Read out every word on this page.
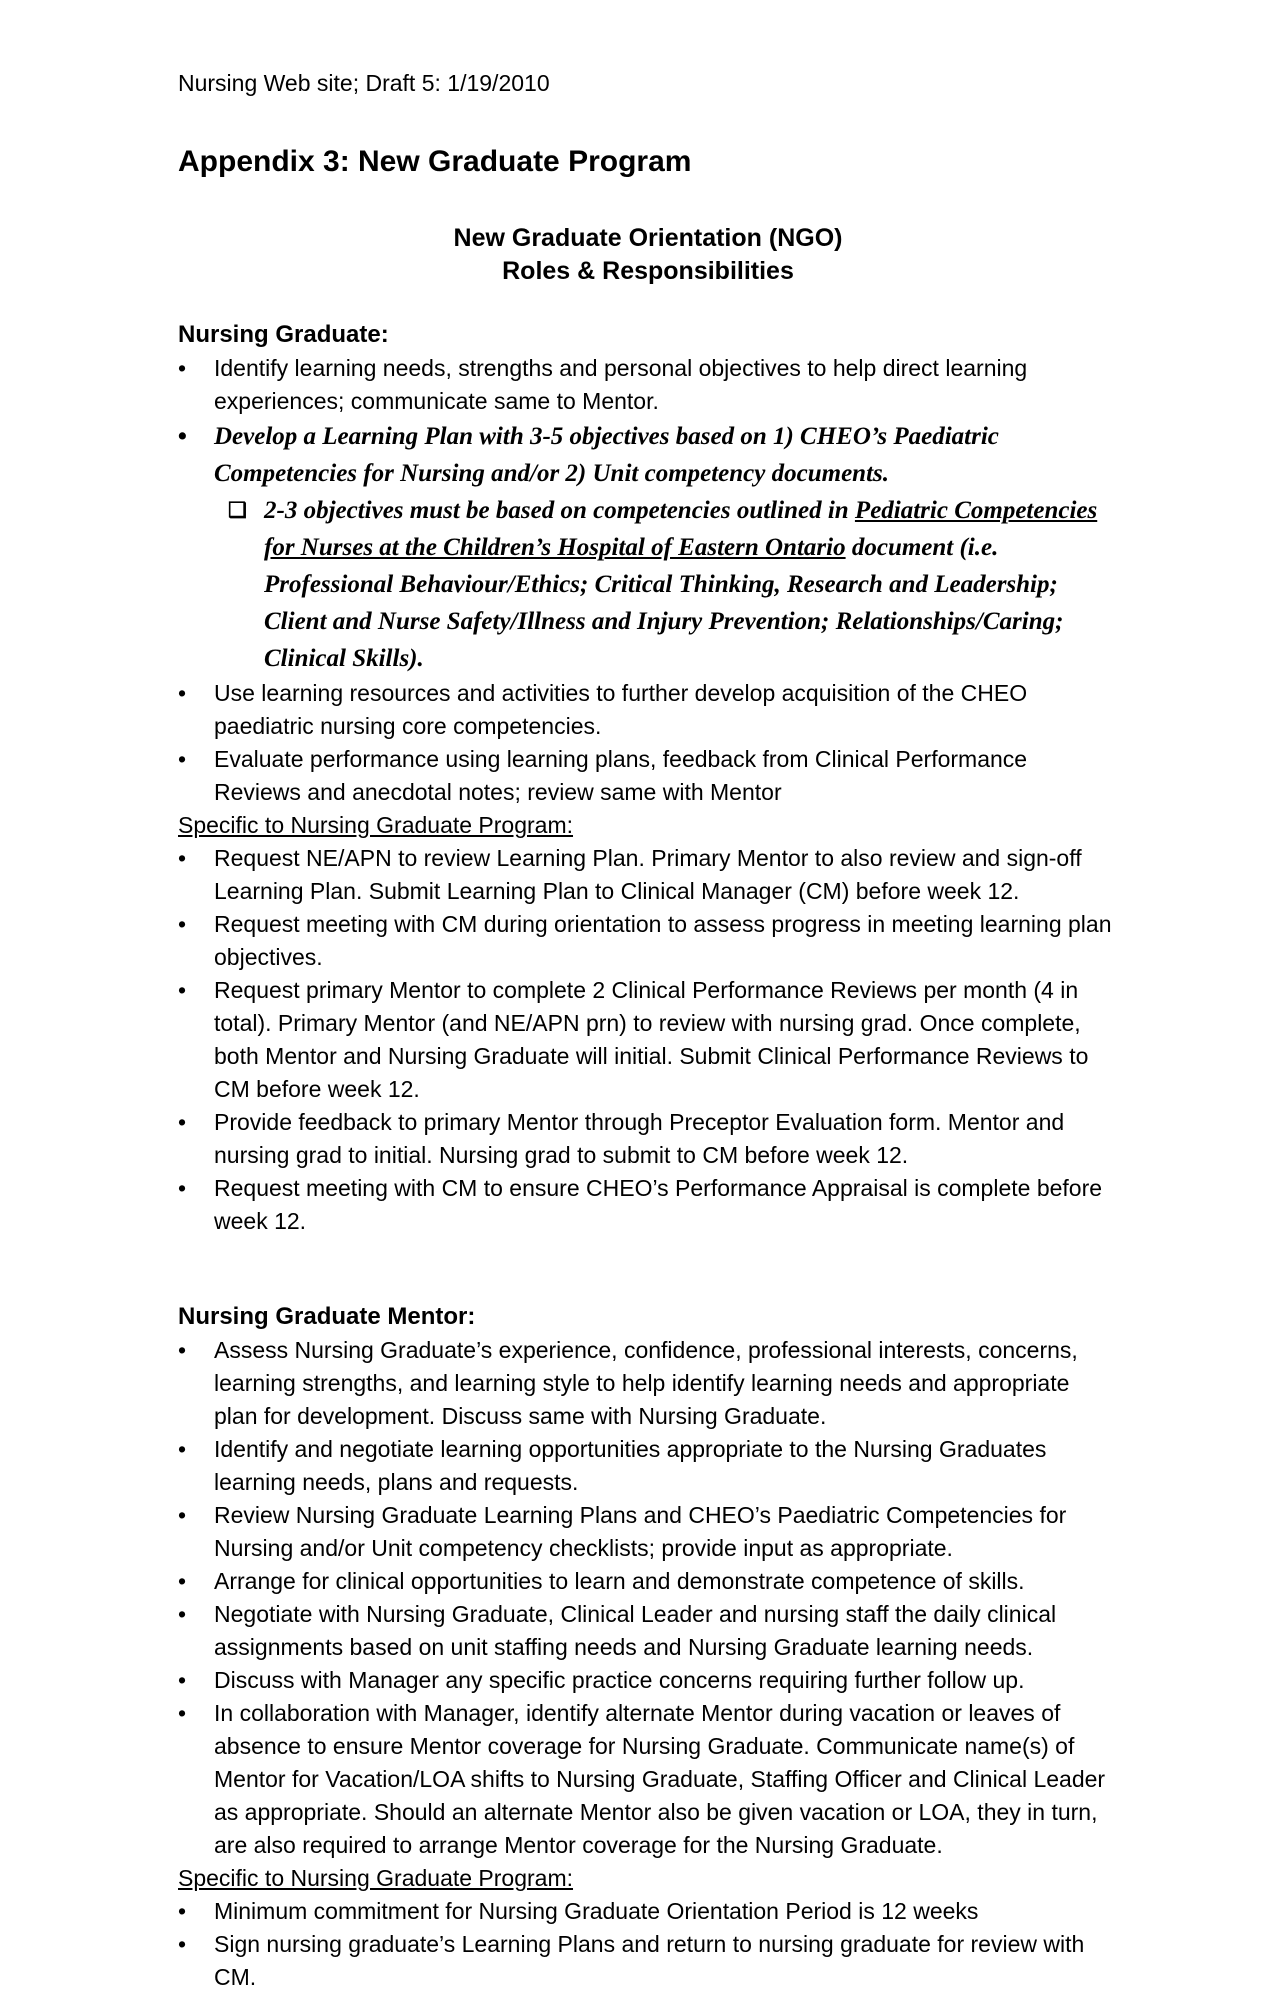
Nursing Web site; Draft 5: 1/19/2010
Appendix 3: New Graduate Program
New Graduate Orientation (NGO)
Roles & Responsibilities
Nursing Graduate:
•
Identify learning needs, strengths and personal objectives to help direct learning experiences; communicate same to Mentor.
•
Develop a Learning Plan with 3-5 objectives based on 1) CHEO’s Paediatric Competencies for Nursing and/or 2) Unit competency documents.
❑
2-3 objectives must be based on competencies outlined in Pediatric Competencies for Nurses at the Children’s Hospital of Eastern Ontario document (i.e. Professional Behaviour/Ethics; Critical Thinking, Research and Leadership; Client and Nurse Safety/Illness and Injury Prevention; Relationships/Caring; Clinical Skills).
•
Use learning resources and activities to further develop acquisition of the CHEO paediatric nursing core competencies.
•
Evaluate performance using learning plans, feedback from Clinical Performance Reviews and anecdotal notes; review same with Mentor
Specific to Nursing Graduate Program:
•
Request NE/APN to review Learning Plan. Primary Mentor to also review and sign-off Learning Plan. Submit Learning Plan to Clinical Manager (CM) before week 12.
•
Request meeting with CM during orientation to assess progress in meeting learning plan objectives.
•
Request primary Mentor to complete 2 Clinical Performance Reviews per month (4 in total). Primary Mentor (and NE/APN prn) to review with nursing grad. Once complete, both Mentor and Nursing Graduate will initial. Submit Clinical Performance Reviews to CM before week 12.
•
Provide feedback to primary Mentor through Preceptor Evaluation form. Mentor and nursing grad to initial. Nursing grad to submit to CM before week 12.
•
Request meeting with CM to ensure CHEO’s Performance Appraisal is complete before week 12.
Nursing Graduate Mentor:
•
Assess Nursing Graduate’s experience, confidence, professional interests, concerns, learning strengths, and learning style to help identify learning needs and appropriate plan for development. Discuss same with Nursing Graduate.
•
Identify and negotiate learning opportunities appropriate to the Nursing Graduates learning needs, plans and requests.
•
Review Nursing Graduate Learning Plans and CHEO’s Paediatric Competencies for Nursing and/or Unit competency checklists; provide input as appropriate.
•
Arrange for clinical opportunities to learn and demonstrate competence of skills.
•
Negotiate with Nursing Graduate, Clinical Leader and nursing staff the daily clinical assignments based on unit staffing needs and Nursing Graduate learning needs.
•
Discuss with Manager any specific practice concerns requiring further follow up.
•
In collaboration with Manager, identify alternate Mentor during vacation or leaves of absence to ensure Mentor coverage for Nursing Graduate. Communicate name(s) of Mentor for Vacation/LOA shifts to Nursing Graduate, Staffing Officer and Clinical Leader as appropriate. Should an alternate Mentor also be given vacation or LOA, they in turn, are also required to arrange Mentor coverage for the Nursing Graduate.
Specific to Nursing Graduate Program:
•
Minimum commitment for Nursing Graduate Orientation Period is 12 weeks
•
Sign nursing graduate’s Learning Plans and return to nursing graduate for review with CM.
